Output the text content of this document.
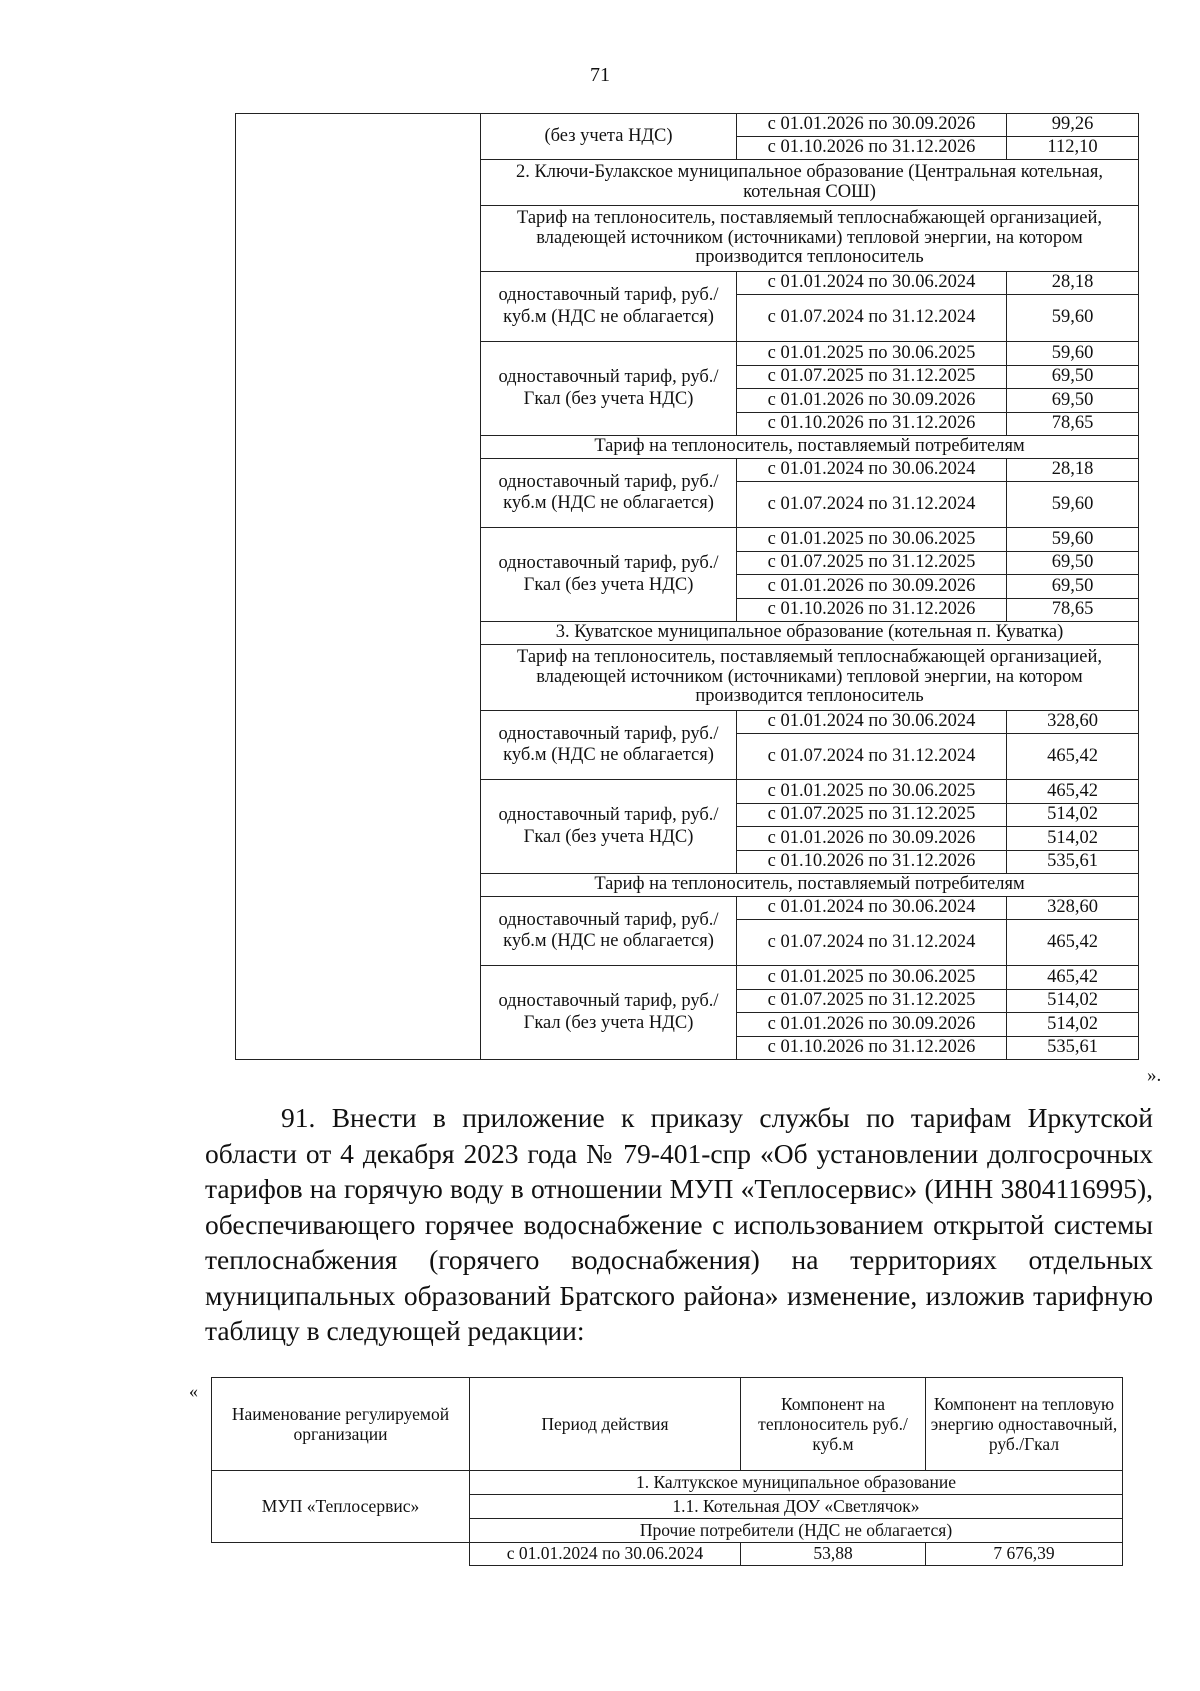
71
	(без учета НДС)	с 01.01.2026 по 30.09.2026	99,26
		с 01.10.2026 по 31.12.2026	112,10
	2. Ключи-Булакское муниципальное образование (Центральная котельная, котельная СОШ)		
	Тариф на теплоноситель, поставляемый теплоснабжающей организацией, владеющей источником (источниками) тепловой энергии, на котором производится теплоноситель		
	одноставочный тариф, руб./куб.м (НДС не облагается)	с 01.01.2024 по 30.06.2024	28,18
		с 01.07.2024 по 31.12.2024	59,60
	одноставочный тариф, руб./Гкал (без учета НДС)	с 01.01.2025 по 30.06.2025	59,60
		с 01.07.2025 по 31.12.2025	69,50
		с 01.01.2026 по 30.09.2026	69,50
		с 01.10.2026 по 31.12.2026	78,65
	Тариф на теплоноситель, поставляемый потребителям		
	одноставочный тариф, руб./куб.м (НДС не облагается)	с 01.01.2024 по 30.06.2024	28,18
		с 01.07.2024 по 31.12.2024	59,60
	одноставочный тариф, руб./Гкал (без учета НДС)	с 01.01.2025 по 30.06.2025	59,60
		с 01.07.2025 по 31.12.2025	69,50
		с 01.01.2026 по 30.09.2026	69,50
		с 01.10.2026 по 31.12.2026	78,65
	3. Куватское муниципальное образование (котельная п. Куватка)		
	Тариф на теплоноситель, поставляемый теплоснабжающей организацией, владеющей источником (источниками) тепловой энергии, на котором производится теплоноситель		
	одноставочный тариф, руб./куб.м (НДС не облагается)	с 01.01.2024 по 30.06.2024	328,60
		с 01.07.2024 по 31.12.2024	465,42
	одноставочный тариф, руб./Гкал (без учета НДС)	с 01.01.2025 по 30.06.2025	465,42
		с 01.07.2025 по 31.12.2025	514,02
		с 01.01.2026 по 30.09.2026	514,02
		с 01.10.2026 по 31.12.2026	535,61
	Тариф на теплоноситель, поставляемый потребителям		
	одноставочный тариф, руб./куб.м (НДС не облагается)	с 01.01.2024 по 30.06.2024	328,60
		с 01.07.2024 по 31.12.2024	465,42
	одноставочный тариф, руб./Гкал (без учета НДС)	с 01.01.2025 по 30.06.2025	465,42
		с 01.07.2025 по 31.12.2025	514,02
		с 01.01.2026 по 30.09.2026	514,02
		с 01.10.2026 по 31.12.2026	535,61
».

91. Внести в приложение к приказу службы по тарифам Иркутской области от 4 декабря 2023 года № 79-401-спр «Об установлении долгосрочных тарифов на горячую воду в отношении МУП «Теплосервис» (ИНН 3804116995), обеспечивающего горячее водоснабжение с использованием открытой системы теплоснабжения (горячего водоснабжения) на территориях отдельных муниципальных образований Братского района» изменение, изложив тарифную таблицу в следующей редакции:

«
Наименование регулируемой организации	Период действия	Компонент на теплоноситель руб./куб.м	Компонент на тепловую энергию одноставочный, руб./Гкал
МУП «Теплосервис»	1. Калтукское муниципальное образование		
	1.1. Котельная ДОУ «Светлячок»		
	Прочие потребители (НДС не облагается)		
	с 01.01.2024 по 30.06.2024	53,88	7 676,39
